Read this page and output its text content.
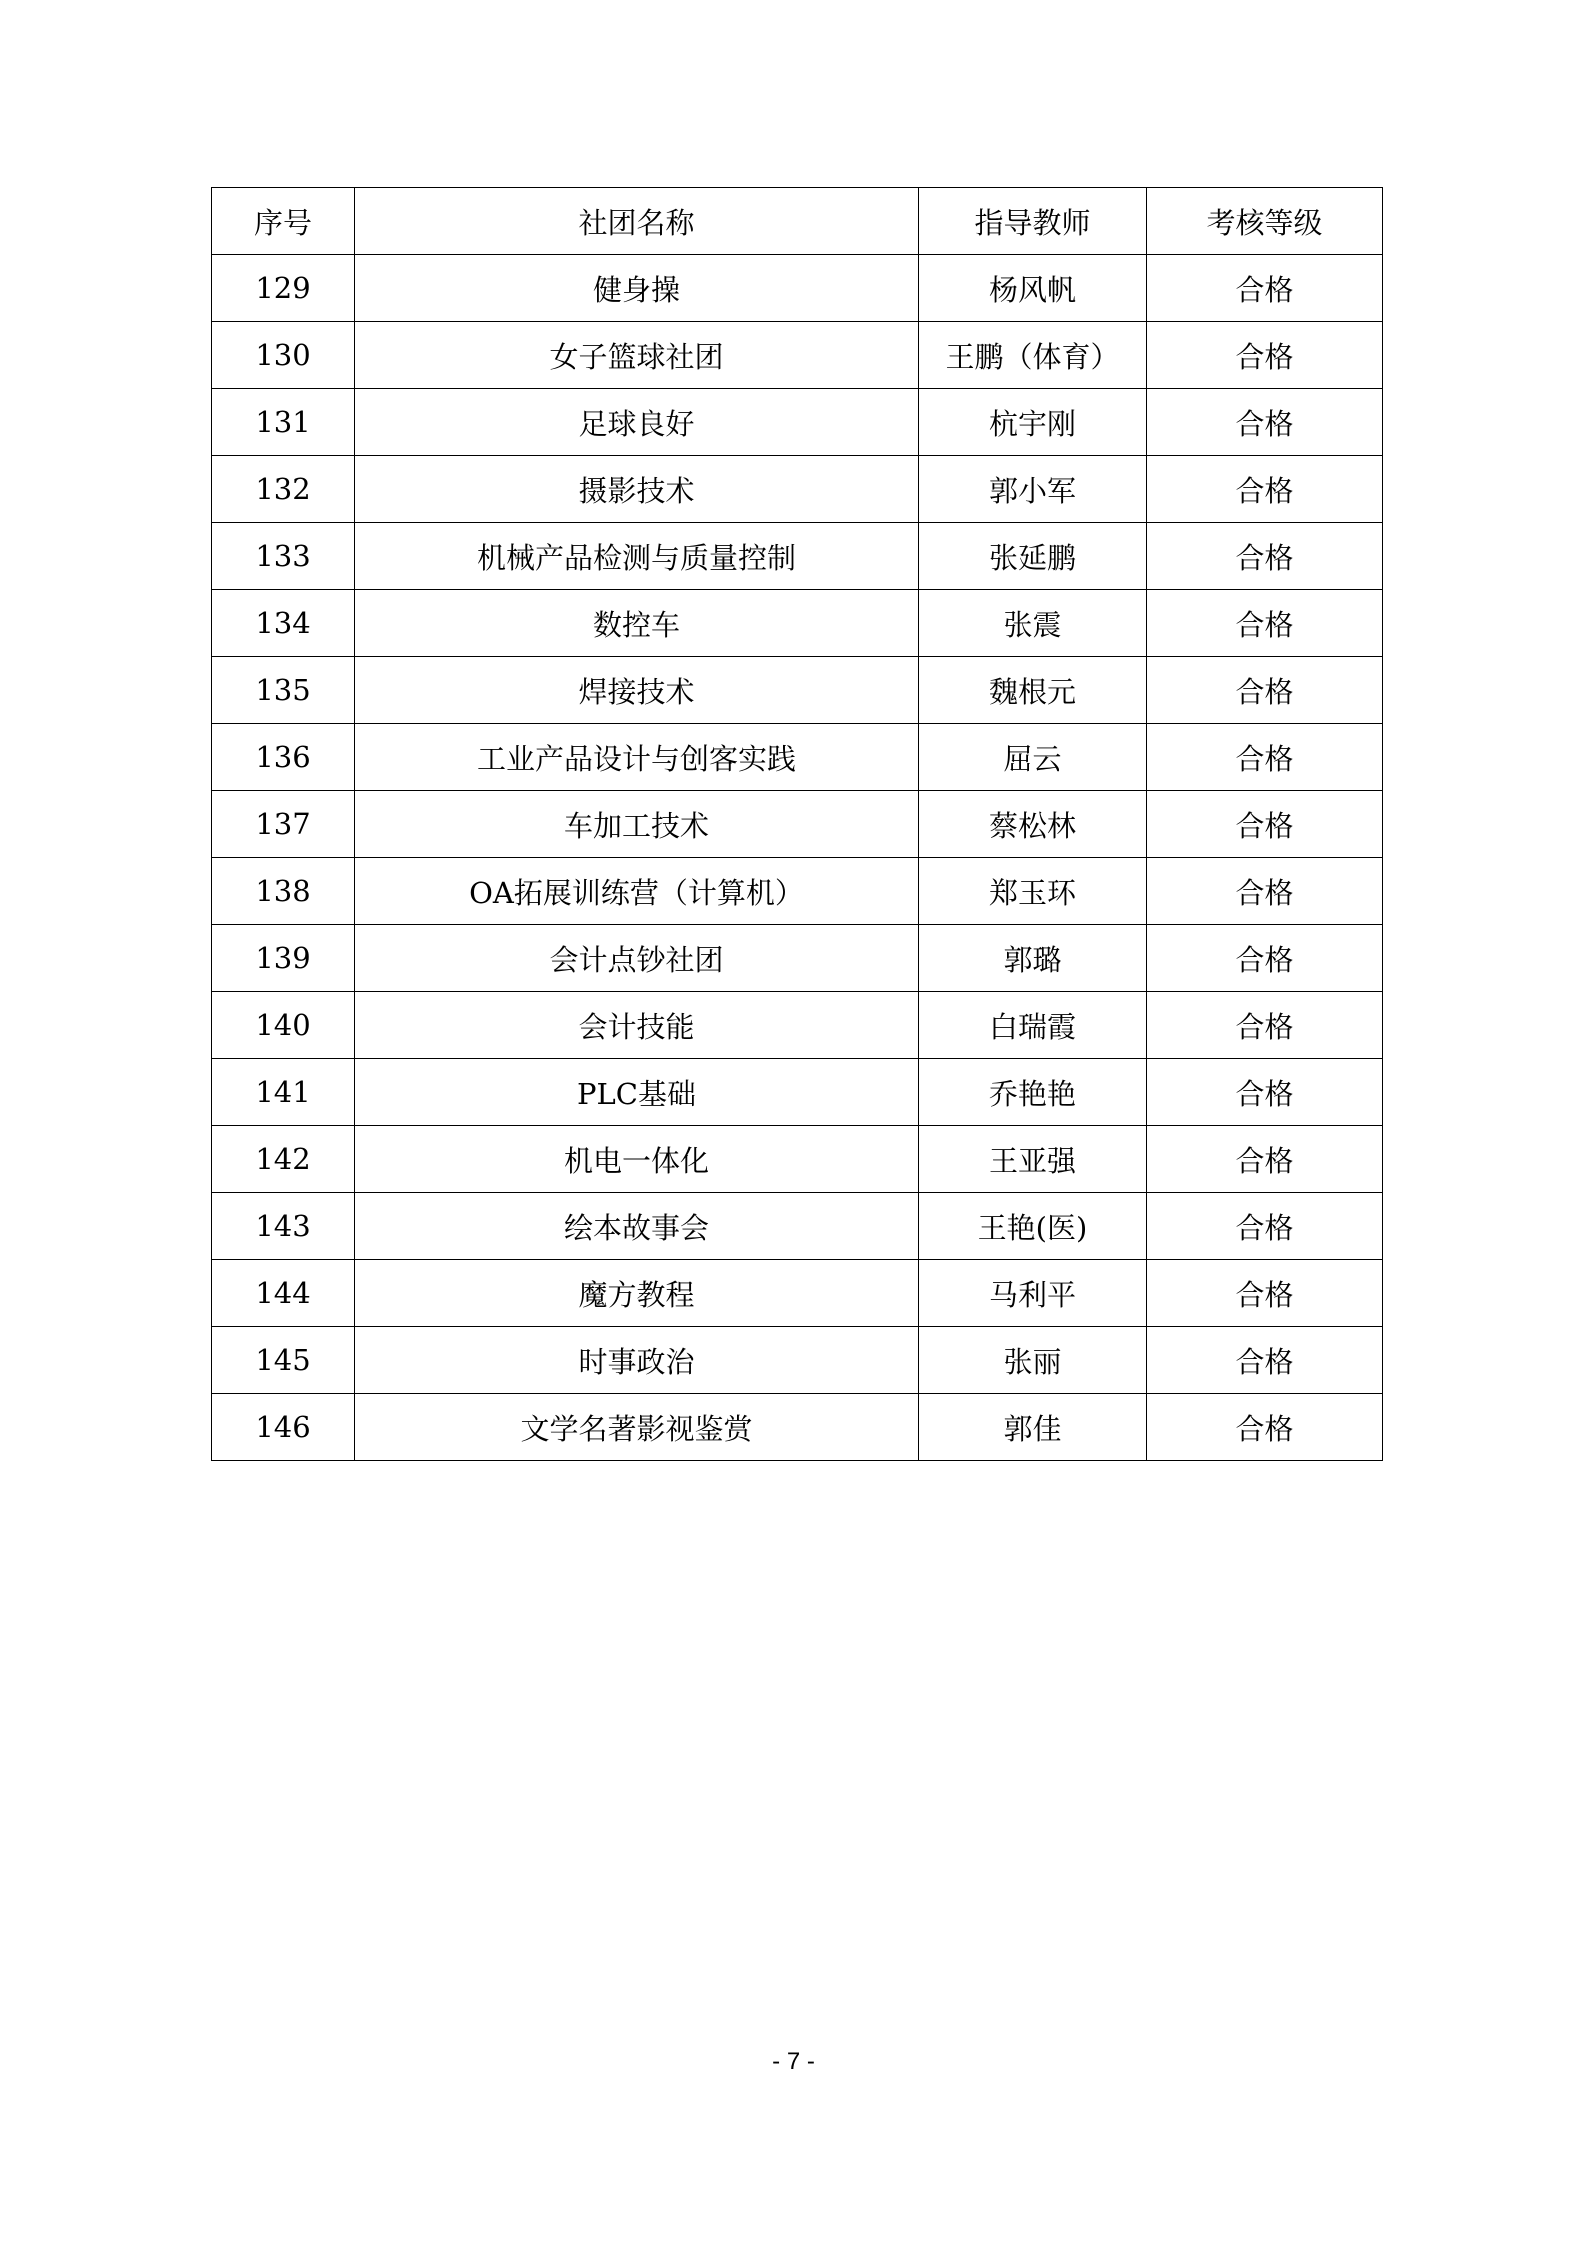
序号	社团名称	指导教师	考核等级
129	健身操	杨风帆	合格
130	女子篮球社团	王鹏（体育）	合格
131	足球良好	杭宇刚	合格
132	摄影技术	郭小军	合格
133	机械产品检测与质量控制	张延鹏	合格
134	数控车	张震	合格
135	焊接技术	魏根元	合格
136	工业产品设计与创客实践	屈云	合格
137	车加工技术	蔡松林	合格
138	OA拓展训练营（计算机）	郑玉环	合格
139	会计点钞社团	郭璐	合格
140	会计技能	白瑞霞	合格
141	PLC基础	乔艳艳	合格
142	机电一体化	王亚强	合格
143	绘本故事会	王艳(医)	合格
144	魔方教程	马利平	合格
145	时事政治	张丽	合格
146	文学名著影视鉴赏	郭佳	合格
- 7 -
